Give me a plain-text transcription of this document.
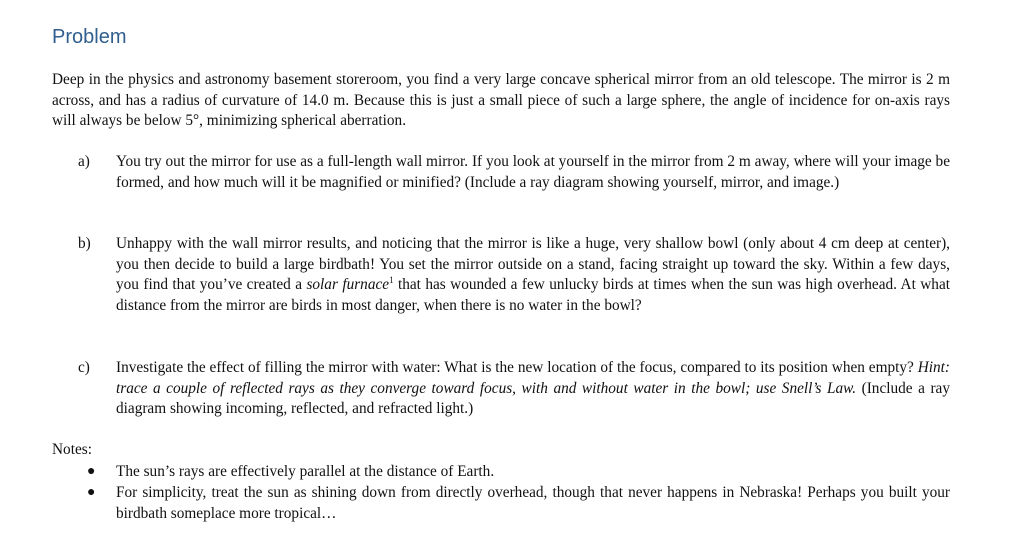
Problem
Deep in the physics and astronomy basement storeroom, you find a very large concave spherical mirror from an old telescope. The mirror is 2 m across, and has a radius of curvature of 14.0 m. Because this is just a small piece of such a large sphere, the angle of incidence for on-axis rays will always be below 5°, minimizing spherical aberration.
a) You try out the mirror for use as a full-length wall mirror. If you look at yourself in the mirror from 2 m away, where will your image be formed, and how much will it be magnified or minified? (Include a ray diagram showing yourself, mirror, and image.)
b) Unhappy with the wall mirror results, and noticing that the mirror is like a huge, very shallow bowl (only about 4 cm deep at center), you then decide to build a large birdbath! You set the mirror outside on a stand, facing straight up toward the sky. Within a few days, you find that you’ve created a solar furnace$^1$ that has wounded a few unlucky birds at times when the sun was high overhead. At what distance from the mirror are birds in most danger, when there is no water in the bowl?
c) Investigate the effect of filling the mirror with water: What is the new location of the focus, compared to its position when empty? Hint: trace a couple of reflected rays as they converge toward focus, with and without water in the bowl; use Snell’s Law. (Include a ray diagram showing incoming, reflected, and refracted light.)
Notes:
● The sun’s rays are effectively parallel at the distance of Earth.
● For simplicity, treat the sun as shining down from directly overhead, though that never happens in Nebraska! Perhaps you built your birdbath someplace more tropical…
